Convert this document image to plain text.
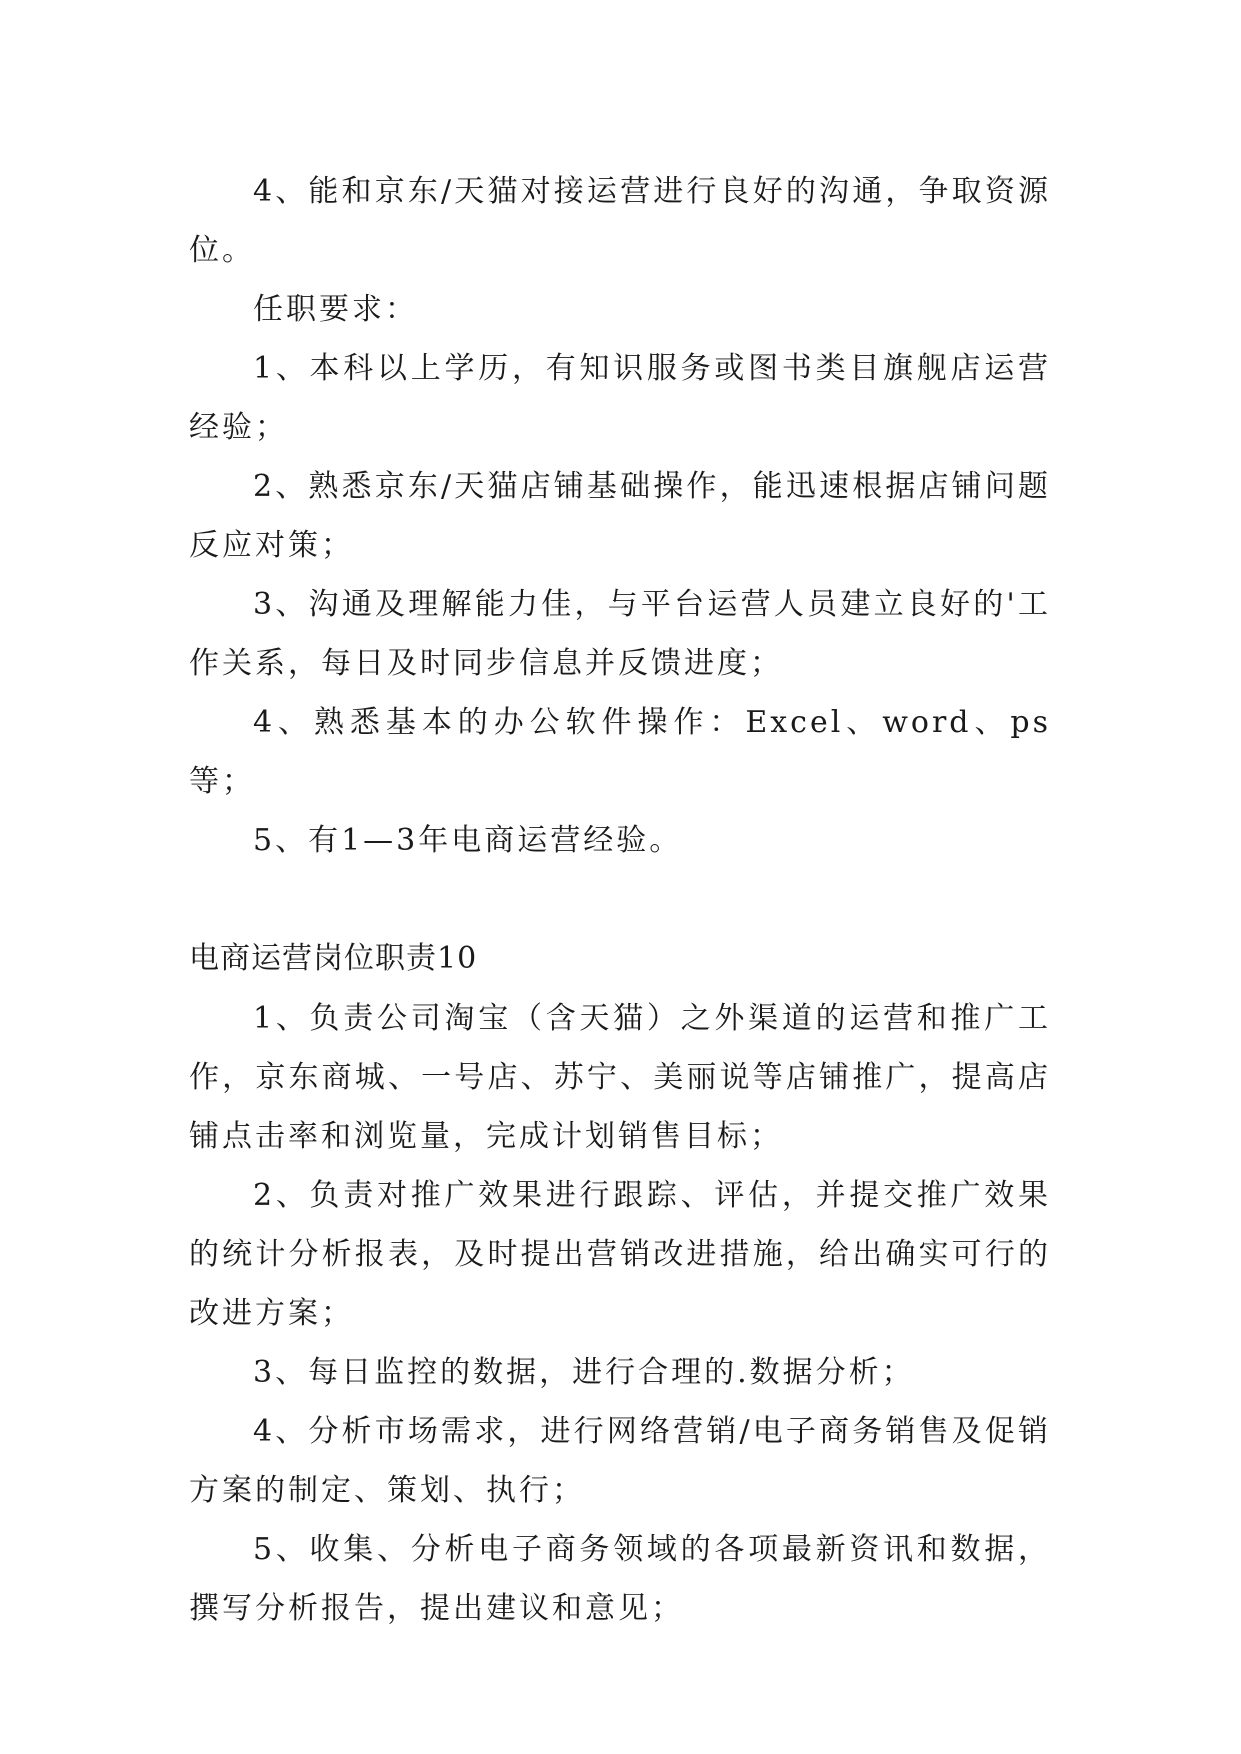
4、能和京东/天猫对接运营进行良好的沟通，争取资源位。

任职要求：

1、本科以上学历，有知识服务或图书类目旗舰店运营经验；

2、熟悉京东/天猫店铺基础操作，能迅速根据店铺问题反应对策；

3、沟通及理解能力佳，与平台运营人员建立良好的'工作关系，每日及时同步信息并反馈进度；

4、熟悉基本的办公软件操作：Excel、word、ps等；

5、有1—3年电商运营经验。

电商运营岗位职责10

1、负责公司淘宝（含天猫）之外渠道的运营和推广工作，京东商城、一号店、苏宁、美丽说等店铺推广，提高店铺点击率和浏览量，完成计划销售目标；

2、负责对推广效果进行跟踪、评估，并提交推广效果的统计分析报表，及时提出营销改进措施，给出确实可行的改进方案；

3、每日监控的数据，进行合理的.数据分析；

4、分析市场需求，进行网络营销/电子商务销售及促销方案的制定、策划、执行；

5、收集、分析电子商务领域的各项最新资讯和数据，撰写分析报告，提出建议和意见；
